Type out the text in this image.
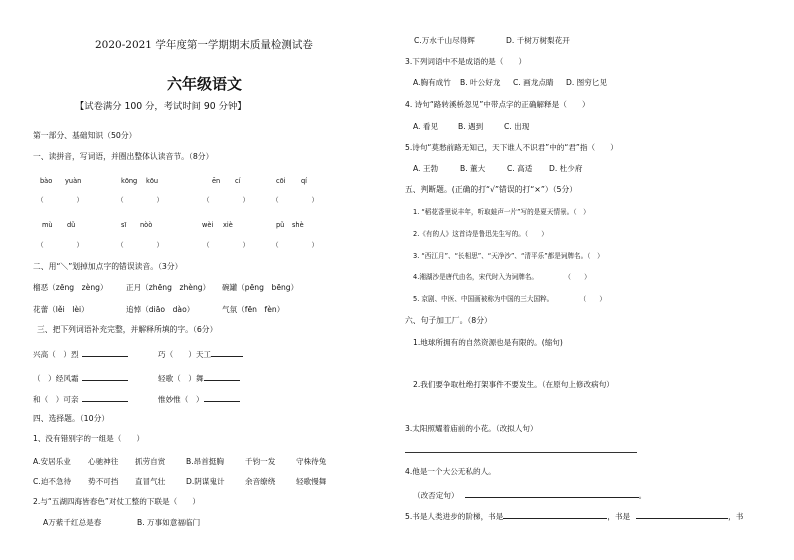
2020-2021 学年度第一学期期末质量检测试卷
六年级语文
【试卷满分 100 分，考试时间 90 分钟】
第一部分、基础知识（50分）
一、读拼音，写词语，并圈出整体认读音节。（8分）
bào yuàn	kōng kōu	ēn cí	cōi qí
（　　　　　）	（　　　　　）	（　　　　　）	（　　　　　）
mù dǔ	sī nòò	wèi xiè	pǔ shè
（　　　　　）	（　　　　　）	（　　　　　）	（　　　　　）
二、用“＼”划掉加点字的错误读音。（3分）
榴恶（zēng　zèng） 正月（zhēng　zhèng） 碗罐（pēng　bēng）
花蕾（lěi　lèi）	追悼（diāo　dào）	气氛（fēn　fèn）
三、把下列词语补充完整，并解释所填的字。（6分）
兴高（　）烈	巧（　　）天工
（　）经风霜	轻歌（　）舞
和（　）可亲	惟妙惟（　）
四、选择题。（10分）
1、没有错别字的一组是（　　）
A.安居乐业 心驰神往 抓劳自赏	B.昂首挺胸	千钧一发	守株待兔
C.迫不急待 势不可挡 直冒气壮	D.阴谋鬼计	余音缭绕	轻歌慢舞
2.与“五湖四海皆春色”对仗工整的下联是（　　）
A万紫千红总是春	B. 万事如意福临门
C.万水千山尽得辉	D. 千树万树梨花开
3.下列词语中不是成语的是（　　）
A.胸有成竹 B. 叶公好龙 C. 画龙点睛 D. 图穷匕见
4. 诗句“路转溪桥忽见”中带点字的正确解释是（　　）
A. 看见	B. 遇到	C. 出现
5.诗句“莫愁前路无知己，天下谁人不识君”中的“君”指（　　）
A. 王勃	B. 董大	C. 高适 D. 杜少府
五、判断题。(正确的打“√”错误的打“×”）（5分）
1. “稻花香里说丰年，听取蛙声一片”写的是夏天情景。（　）
2.《有的人》这首诗是鲁迅先生写的。（　　）
3. “西江月”、“长相思”、“天净沙”、“清平乐”都是词牌名。（　）
4.湘湖沙是唐代由名，宋代时入为词牌名。　　　　　（　　）
5. 京剧、中医、中国画被称为中国的三大国粹。　　　　　（　　）
六、句子加工厂。（8分）
1.地球所拥有的自然资源也是有限的。(缩句)
2.我们要争取杜绝打架事件不要发生。（在原句上修改病句）
3.太阳照耀着庙前的小花。（改拟人句）
4.他是一个大公无私的人。
（改否定句）	。
5.书是人类进步的阶梯，书是	，书是	，书
